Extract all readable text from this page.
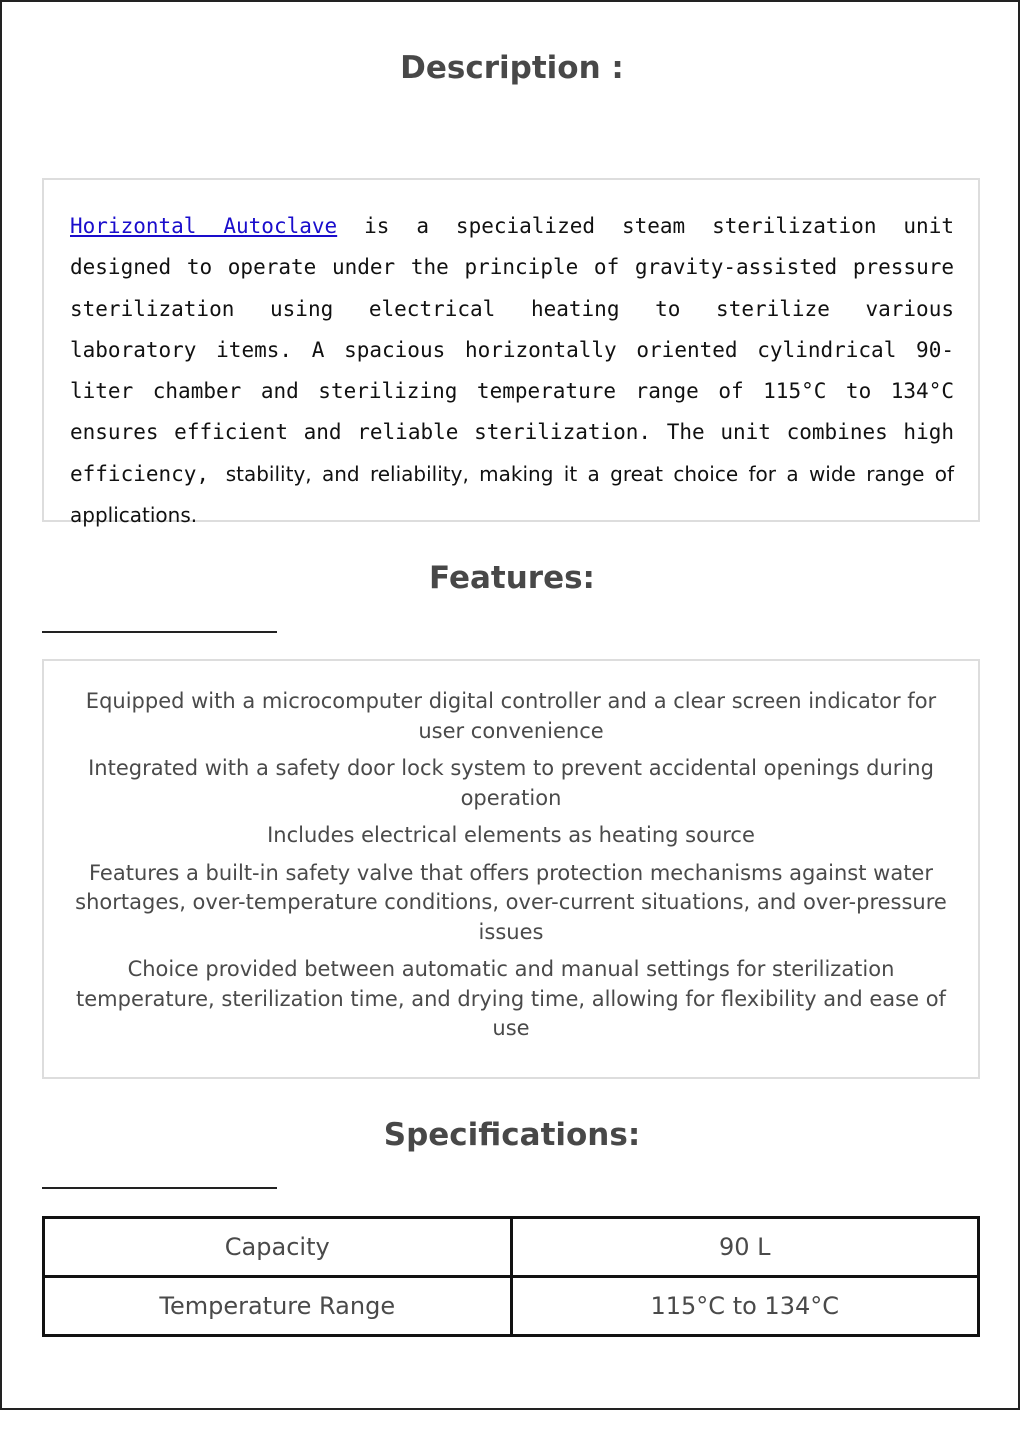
Description :

Horizontal Autoclave is a specialized steam sterilization unit designed to operate under the principle of gravity-assisted pressure sterilization using electrical heating to sterilize various laboratory items. A spacious horizontally oriented cylindrical 90-liter chamber and sterilizing temperature range of 115°C to 134°C ensures efficient and reliable sterilization. The unit combines high efficiency, stability, and reliability, making it a great choice for a wide range of applications.

Features:
Equipped with a microcomputer digital controller and a clear screen indicator for user convenience
Integrated with a safety door lock system to prevent accidental openings during operation
Includes electrical elements as heating source
Features a built-in safety valve that offers protection mechanisms against water shortages, over-temperature conditions, over-current situations, and over-pressure issues
Choice provided between automatic and manual settings for sterilization temperature, sterilization time, and drying time, allowing for flexibility and ease of use
Specifications:
Capacity	90 L
Temperature Range	115°C to 134°C
